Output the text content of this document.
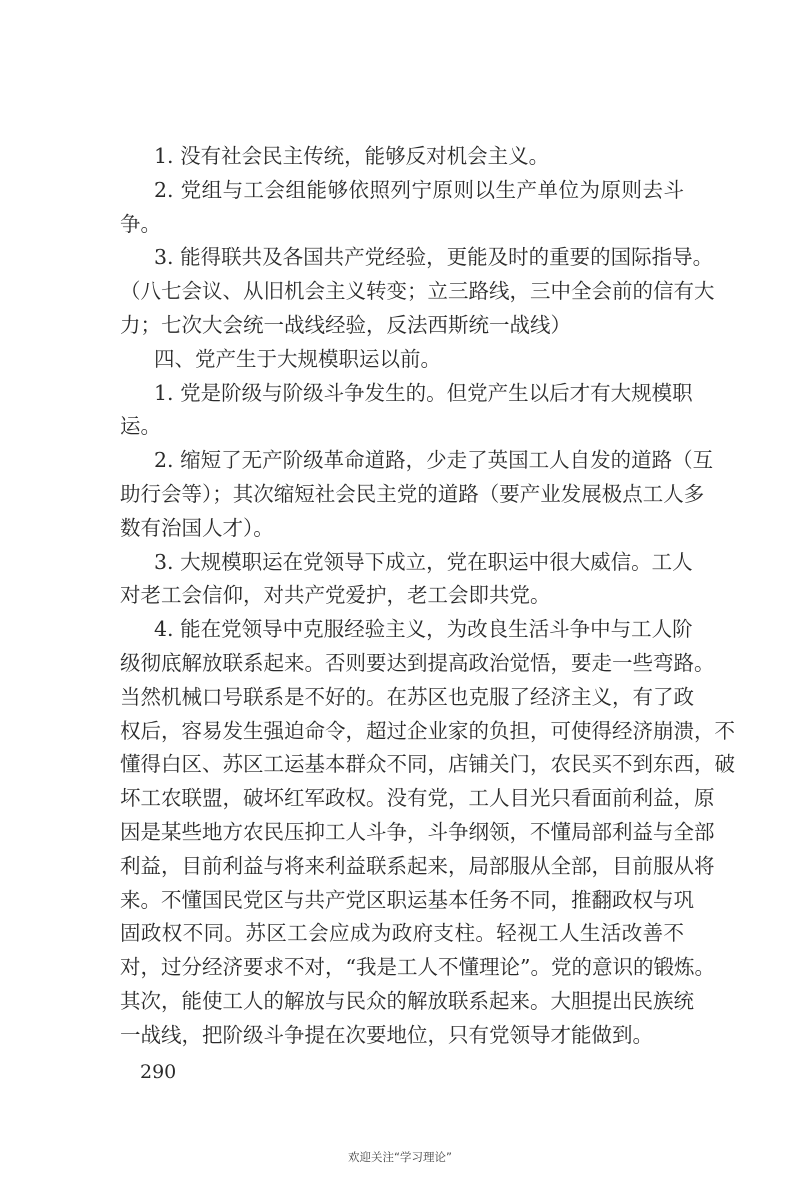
1. 没有社会民主传统，能够反对机会主义。
2. 党组与工会组能够依照列宁原则以生产单位为原则去斗
争。
3. 能得联共及各国共产党经验，更能及时的重要的国际指导。
（八七会议、从旧机会主义转变；立三路线，三中全会前的信有大
力；七次大会统一战线经验，反法西斯统一战线）
四、党产生于大规模职运以前。
1. 党是阶级与阶级斗争发生的。但党产生以后才有大规模职
运。
2. 缩短了无产阶级革命道路，少走了英国工人自发的道路（互
助行会等）；其次缩短社会民主党的道路（要产业发展极点工人多
数有治国人才）。
3. 大规模职运在党领导下成立，党在职运中很大威信。工人
对老工会信仰，对共产党爱护，老工会即共党。
4. 能在党领导中克服经验主义，为改良生活斗争中与工人阶
级彻底解放联系起来。否则要达到提高政治觉悟，要走一些弯路。
当然机械口号联系是不好的。在苏区也克服了经济主义，有了政
权后，容易发生强迫命令，超过企业家的负担，可使得经济崩溃，不
懂得白区、苏区工运基本群众不同，店铺关门，农民买不到东西，破
坏工农联盟，破坏红军政权。没有党，工人目光只看面前利益，原
因是某些地方农民压抑工人斗争，斗争纲领，不懂局部利益与全部
利益，目前利益与将来利益联系起来，局部服从全部，目前服从将
来。不懂国民党区与共产党区职运基本任务不同，推翻政权与巩
固政权不同。苏区工会应成为政府支柱。轻视工人生活改善不
对，过分经济要求不对，“我是工人不懂理论”。党的意识的锻炼。
其次，能使工人的解放与民众的解放联系起来。大胆提出民族统
一战线，把阶级斗争提在次要地位，只有党领导才能做到。
290
欢迎关注“学习理论”
